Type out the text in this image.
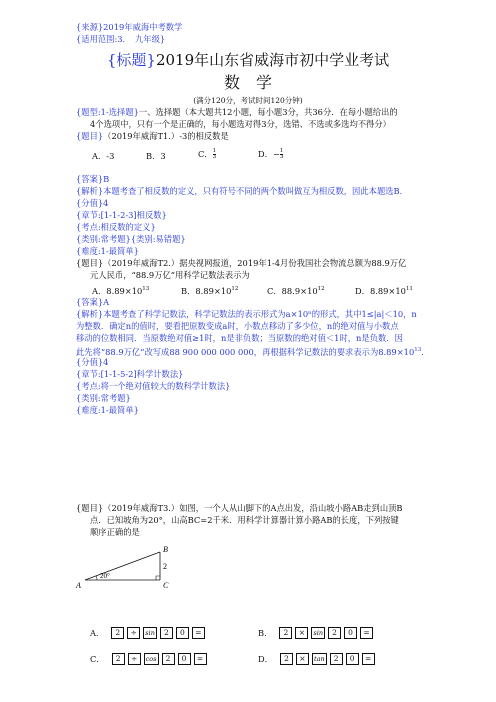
{来源}2019年威海中考数学
{适用范围:3．　九年级}
{标题}2019年山东省威海市初中学业考试
数　学
(满分120分，考试时间120分钟)
{题型:1-选择题}一、选择题（本大题共12小题，每小题3分，共36分．在每小题给出的
4个选项中，只有一个是正确的，每小题选对得3分，选错、不选或多选均不得分）
{题目}（2019年威海T1.）-3的相反数是
A．-3	B．3	C． $\frac{1}{3}$	D．− $\frac{1}{3}$
{答案}B
{解析}本题考查了相反数的定义，只有符号不同的两个数叫做互为相反数，因此本题选B．
{分值}4
{章节:[1-1-2-3]相反数}
{考点:相反数的定义}
{类别:常考题}{类别:易错题}
{难度:1-最简单}
{题目}（2019年威海T2.）据央视网报道，2019年1-4月份我国社会物流总额为88.9万亿
元人民币，“88.9万亿”用科学记数法表示为
A．$8.89\times 10^{13}$	B．$8.89\times 10^{12}$	C．$88.9\times 10^{12}$	D．$8.89\times 10^{11}$
{答案}A
{解析}本题考查了科学记数法，科学记数法的表示形式为a×10ⁿ的形式，其中1≤|a|＜10，n
为整数．确定n的值时，要看把原数变成a时，小数点移动了多少位，n的绝对值与小数点
移动的位数相同．当原数绝对值≥1时，n是非负数；当原数的绝对值＜1时，n是负数．因
此先将“88.9万亿”改写成88 900 000 000 000，再根据科学记数法的要求表示为$8.89\times 10^{13}$．
{分值}4
{章节:[1-1-5-2]科学计数法}
{考点:将一个绝对值较大的数科学计数法}
{类别:常考题}
{难度:1-最简单}
{题目}（2019年威海T3.）如图，一个人从山脚下的A点出发，沿山坡小路AB走到山顶B
点．已知坡角为20°，山高BC=2千米．用科学计算器计算小路AB的长度，下列按键
顺序正确的是
A
B
C
20°
2
A．	2	÷	sin	2	0	=	B．	2	×	sin	2	0	=
C．	2	÷	cos	2	0	=	D．	2	×	tan	2	0	=
